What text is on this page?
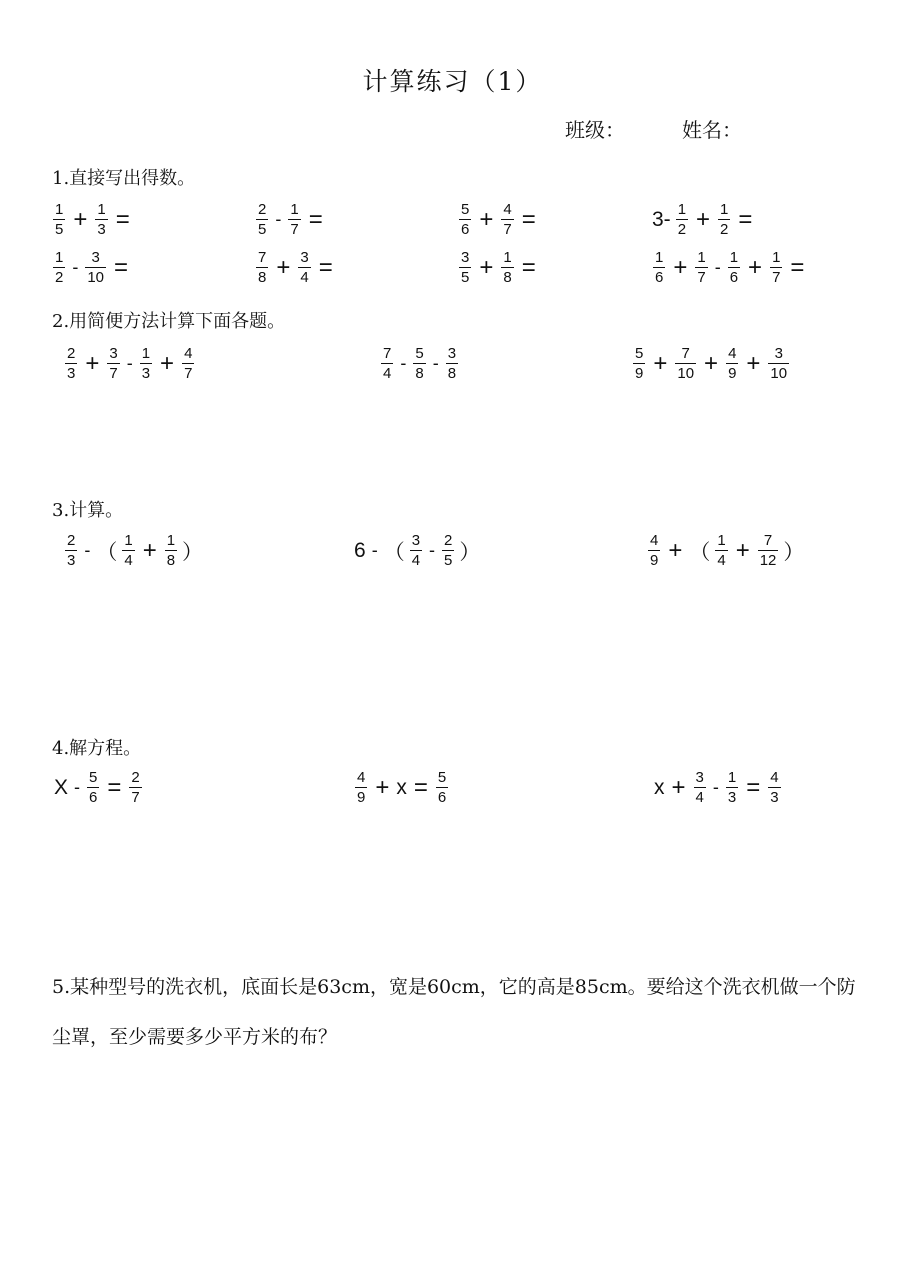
计算练习（1）
班级：	姓名：
1.直接写出得数。
$\frac{1}{5} + \frac{1}{3}$ =	$\frac{2}{5} - \frac{1}{7}$ =	$\frac{5}{6} + \frac{4}{7}$ =	$3- \frac{1}{2} + \frac{1}{2}$ =
$\frac{1}{2} - \frac{3}{10}$ =	$\frac{7}{8} + \frac{3}{4}$ =	$\frac{3}{5} + \frac{1}{8}$ =	$\frac{1}{6} + \frac{1}{7} - \frac{1}{6} + \frac{1}{7}$ =
2.用简便方法计算下面各题。
$\frac{2}{3} + \frac{3}{7} - \frac{1}{3} + \frac{4}{7}$	$\frac{7}{4} - \frac{5}{8} - \frac{3}{8}$	$\frac{5}{9} + \frac{7}{10} + \frac{4}{9} + \frac{3}{10}$
3.计算。
$\frac{2}{3}$ - （ $\frac{1}{4} + \frac{1}{8}$ ）	6 - （ $\frac{3}{4} - \frac{2}{5}$ ）	$\frac{4}{9}$ + （ $\frac{1}{4} + \frac{7}{12}$ ）
4.解方程。
$X - \frac{5}{6} = \frac{2}{7}$	$\frac{4}{9} + x = \frac{5}{6}$	$x + \frac{3}{4} - \frac{1}{3} = \frac{4}{3}$
5.某种型号的洗衣机，底面长是63cm，宽是60cm，它的高是85cm。要给这个洗衣机做一个防尘罩，至少需要多少平方米的布？
